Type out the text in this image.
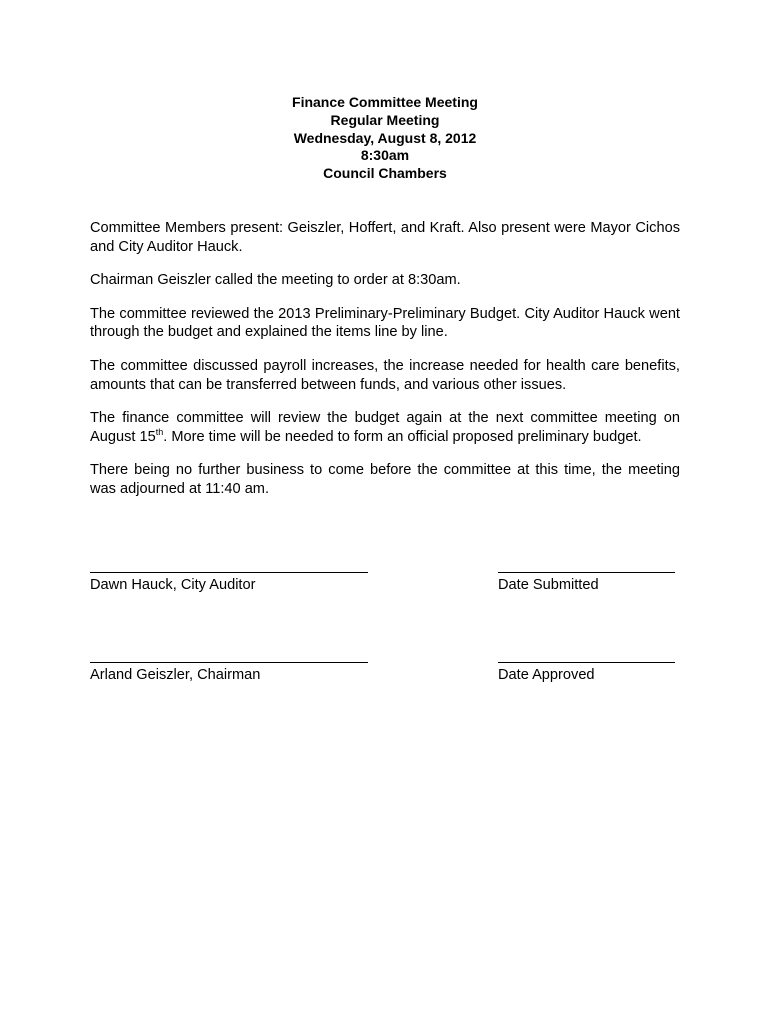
Finance Committee Meeting
Regular Meeting
Wednesday, August 8, 2012
8:30am
Council Chambers

Committee Members present: Geiszler, Hoffert, and Kraft. Also present were Mayor Cichos and City Auditor Hauck.

Chairman Geiszler called the meeting to order at 8:30am.

The committee reviewed the 2013 Preliminary-Preliminary Budget. City Auditor Hauck went through the budget and explained the items line by line.

The committee discussed payroll increases, the increase needed for health care benefits, amounts that can be transferred between funds, and various other issues.

The finance committee will review the budget again at the next committee meeting on August 15th. More time will be needed to form an official proposed preliminary budget.

There being no further business to come before the committee at this time, the meeting was adjourned at 11:40 am.

Dawn Hauck, City Auditor	Date Submitted
Arland Geiszler, Chairman	Date Approved
